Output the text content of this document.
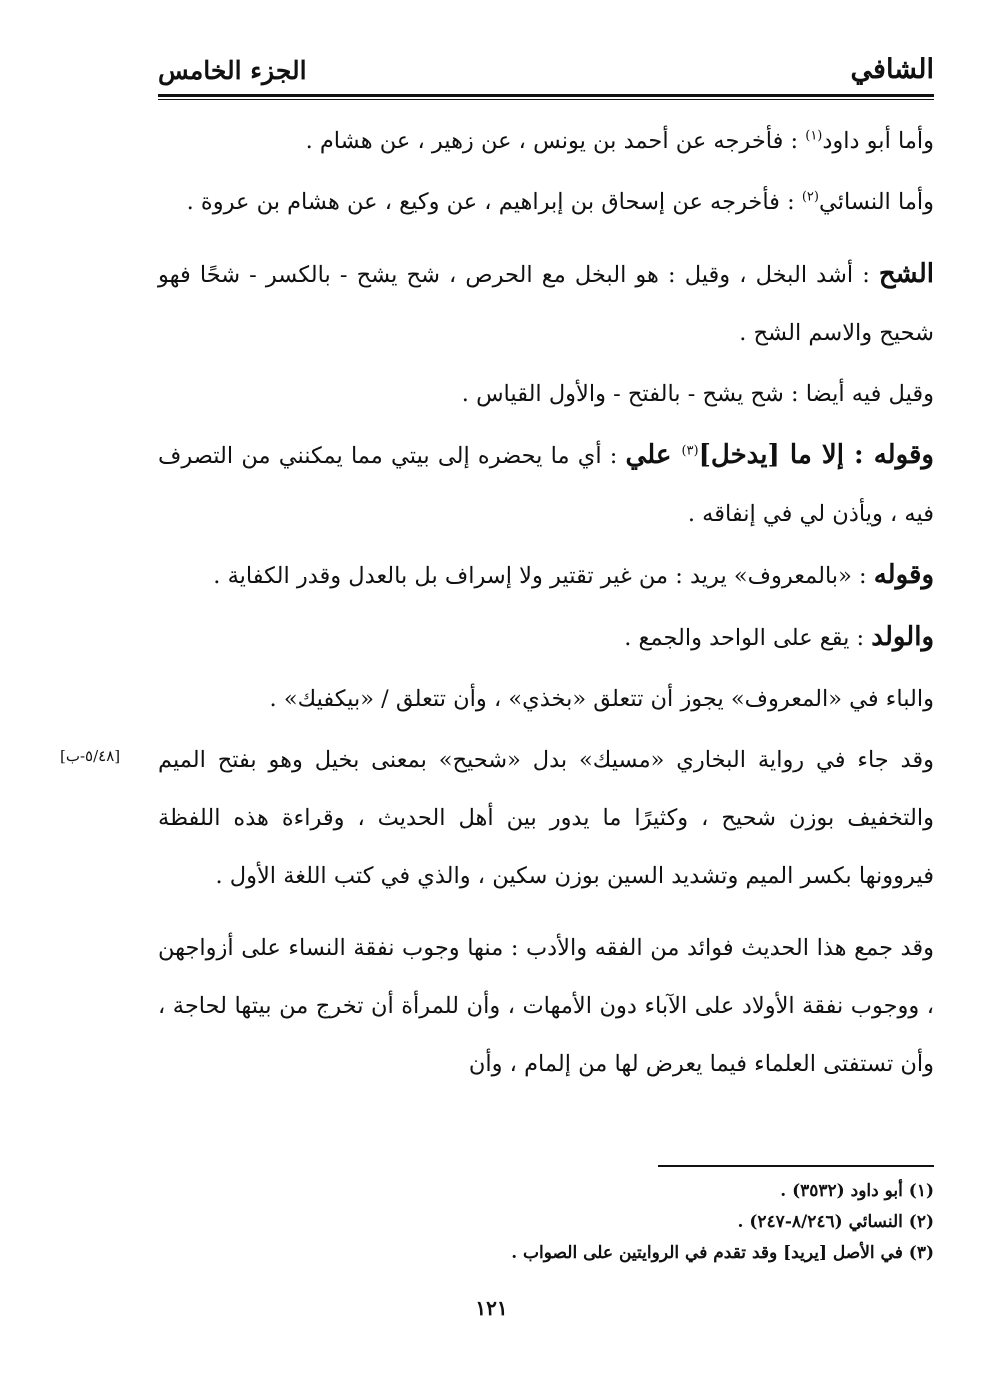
الشافي
الجزء الخامس

وأما أبو داود$^{(١)}$ : فأخرجه عن أحمد بن يونس ، عن زهير ، عن هشام .

وأما النسائي$^{(٢)}$ : فأخرجه عن إسحاق بن إبراهيم ، عن وكيع ، عن هشام بن عروة .

الشح : أشد البخل ، وقيل : هو البخل مع الحرص ، شح يشح - بالكسر - شحًا فهو شحيح والاسم الشح .

وقيل فيه أيضا : شح يشح - بالفتح - والأول القياس .

وقوله : إلا ما [يدخل]$^{(٣)}$ علي : أي ما يحضره إلى بيتي مما يمكنني من التصرف فيه ، ويأذن لي في إنفاقه .

وقوله : «بالمعروف» يريد : من غير تقتير ولا إسراف بل بالعدل وقدر الكفاية .

والولد : يقع على الواحد والجمع .

والباء في «المعروف» يجوز أن تتعلق «بخذي» ، وأن تتعلق / «بيكفيك» .

وقد جاء في رواية البخاري «مسيك» بدل «شحيح» بمعنى بخيل وهو بفتح الميم والتخفيف بوزن شحيح ، وكثيرًا ما يدور بين أهل الحديث ، وقراءة هذه اللفظة فيروونها بكسر الميم وتشديد السين بوزن سكين ، والذي في كتب اللغة الأول .

وقد جمع هذا الحديث فوائد من الفقه والأدب : منها وجوب نفقة النساء على أزواجهن ، ووجوب نفقة الأولاد على الآباء دون الأمهات ، وأن للمرأة أن تخرج من بيتها لحاجة ، وأن تستفتى العلماء فيما يعرض لها من إلمام ، وأن

[٥/٤٨-ب]
(١) أبو داود (٣٥٣٢) .
(٢) النسائي (٨/٢٤٦-٢٤٧) .
(٣) في الأصل [يريد] وقد تقدم في الروايتين على الصواب .
١٢١
